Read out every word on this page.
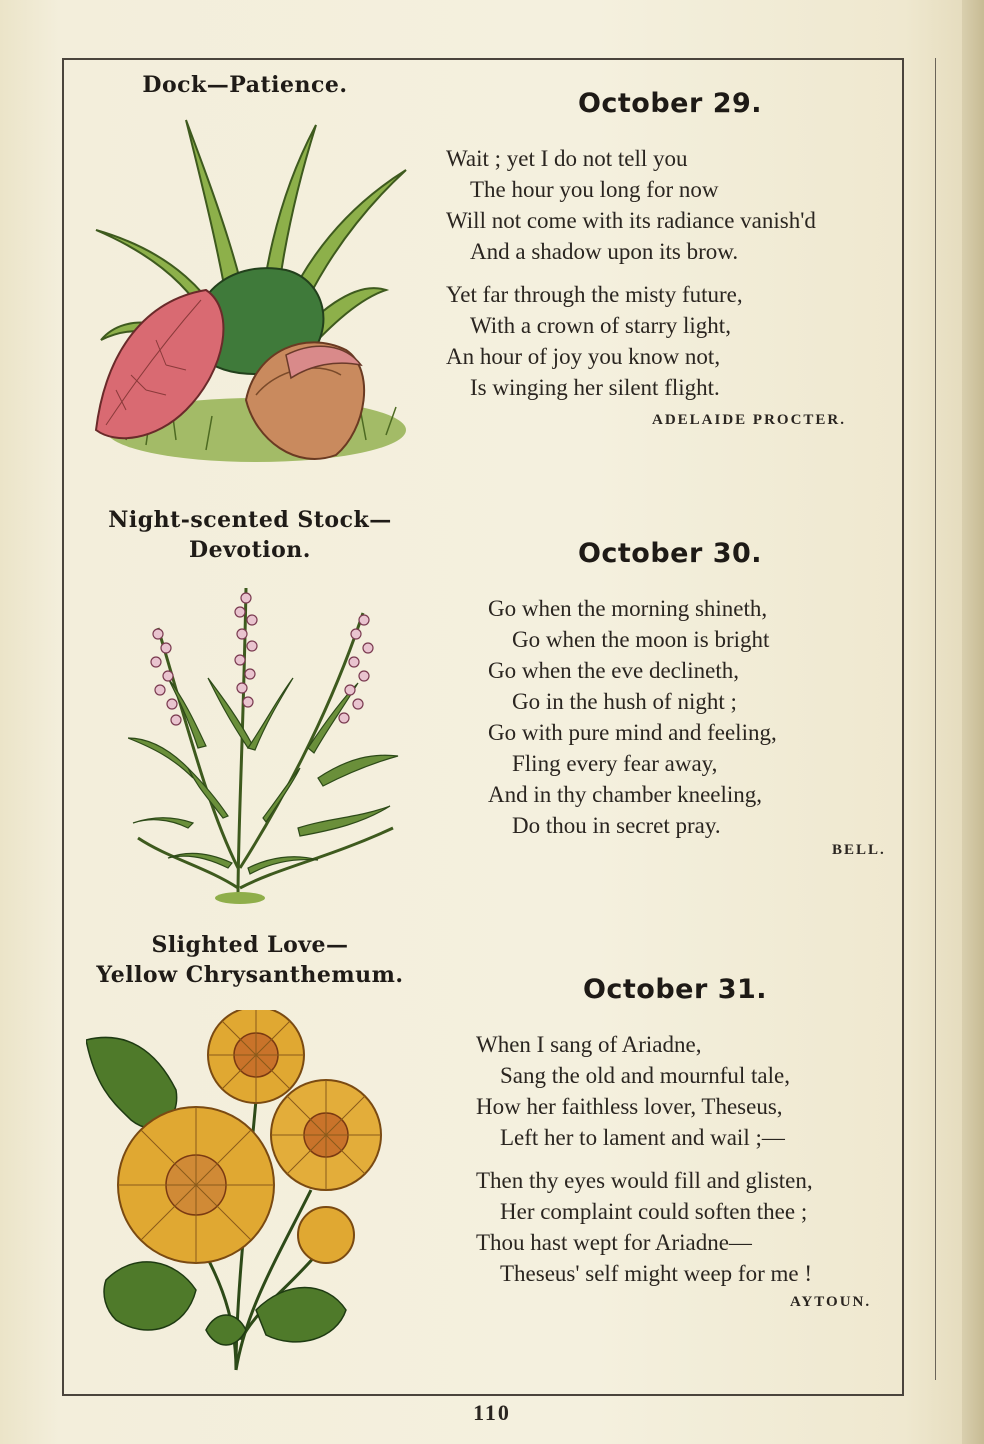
Dock—Patience.
October 29.
Wait ; yet I do not tell you
The hour you long for now
Will not come with its radiance vanish'd
And a shadow upon its brow.
Yet far through the misty future,
With a crown of starry light,
An hour of joy you know not,
Is winging her silent flight.
ADELAIDE PROCTER.
Night-scented Stock—
Devotion.	October 30.
Go when the morning shineth,
Go when the moon is bright
Go when the eve declineth,
Go in the hush of night ;
Go with pure mind and feeling,
Fling every fear away,
And in thy chamber kneeling,
Do thou in secret pray.
BELL.
Slighted Love—
Yellow Chrysanthemum.	October 31.
When I sang of Ariadne,
Sang the old and mournful tale,
How her faithless lover, Theseus,
Left her to lament and wail ;—
Then thy eyes would fill and glisten,
Her complaint could soften thee ;
Thou hast wept for Ariadne—
Theseus' self might weep for me !
AYTOUN.
110
